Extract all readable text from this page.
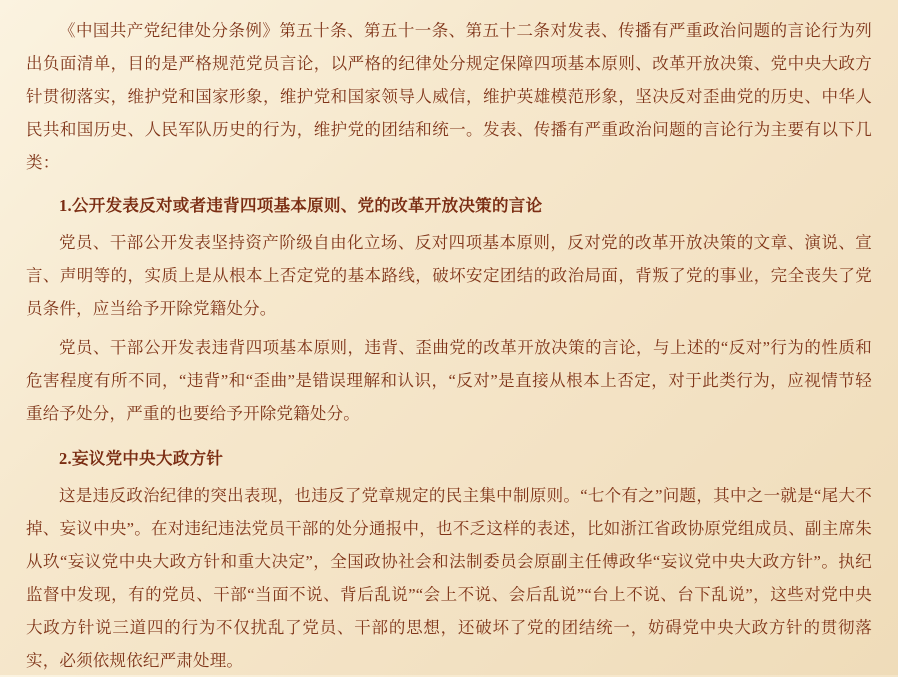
《中国共产党纪律处分条例》第五十条、第五十一条、第五十二条对发表、传播有严重政治问题的言论行为列出负面清单，目的是严格规范党员言论，以严格的纪律处分规定保障四项基本原则、改革开放决策、党中央大政方针贯彻落实，维护党和国家形象，维护党和国家领导人威信，维护英雄模范形象，坚决反对歪曲党的历史、中华人民共和国历史、人民军队历史的行为，维护党的团结和统一。发表、传播有严重政治问题的言论行为主要有以下几类：

1.公开发表反对或者违背四项基本原则、党的改革开放决策的言论

党员、干部公开发表坚持资产阶级自由化立场、反对四项基本原则，反对党的改革开放决策的文章、演说、宣言、声明等的，实质上是从根本上否定党的基本路线，破坏安定团结的政治局面，背叛了党的事业，完全丧失了党员条件，应当给予开除党籍处分。

党员、干部公开发表违背四项基本原则，违背、歪曲党的改革开放决策的言论，与上述的“反对”行为的性质和危害程度有所不同，“违背”和“歪曲”是错误理解和认识，“反对”是直接从根本上否定，对于此类行为，应视情节轻重给予处分，严重的也要给予开除党籍处分。

2.妄议党中央大政方针

这是违反政治纪律的突出表现，也违反了党章规定的民主集中制原则。“七个有之”问题，其中之一就是“尾大不掉、妄议中央”。在对违纪违法党员干部的处分通报中，也不乏这样的表述，比如浙江省政协原党组成员、副主席朱从玖“妄议党中央大政方针和重大决定”，全国政协社会和法制委员会原副主任傅政华“妄议党中央大政方针”。执纪监督中发现，有的党员、干部“当面不说、背后乱说”“会上不说、会后乱说”“台上不说、台下乱说”，这些对党中央大政方针说三道四的行为不仅扰乱了党员、干部的思想，还破坏了党的团结统一，妨碍党中央大政方针的贯彻落实，必须依规依纪严肃处理。
